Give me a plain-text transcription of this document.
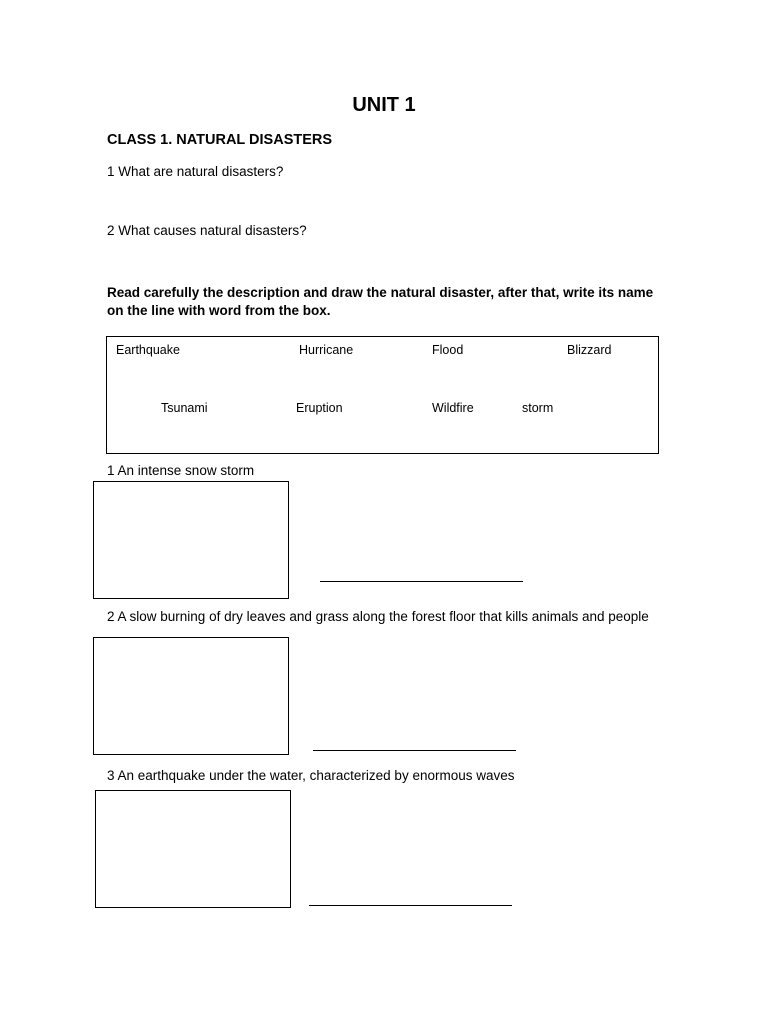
UNIT 1
CLASS 1. NATURAL DISASTERS
1 What are natural disasters?
2 What causes natural disasters?
Read carefully the description and draw the natural disaster, after that, write its name on the line with word from the box.
Earthquake	Hurricane	Flood	Blizzard
Tsunami	Eruption	Wildfire	storm
1 An intense snow storm
2 A slow burning of dry leaves and grass along the forest floor that kills animals and people
3 An earthquake under the water, characterized by enormous waves
